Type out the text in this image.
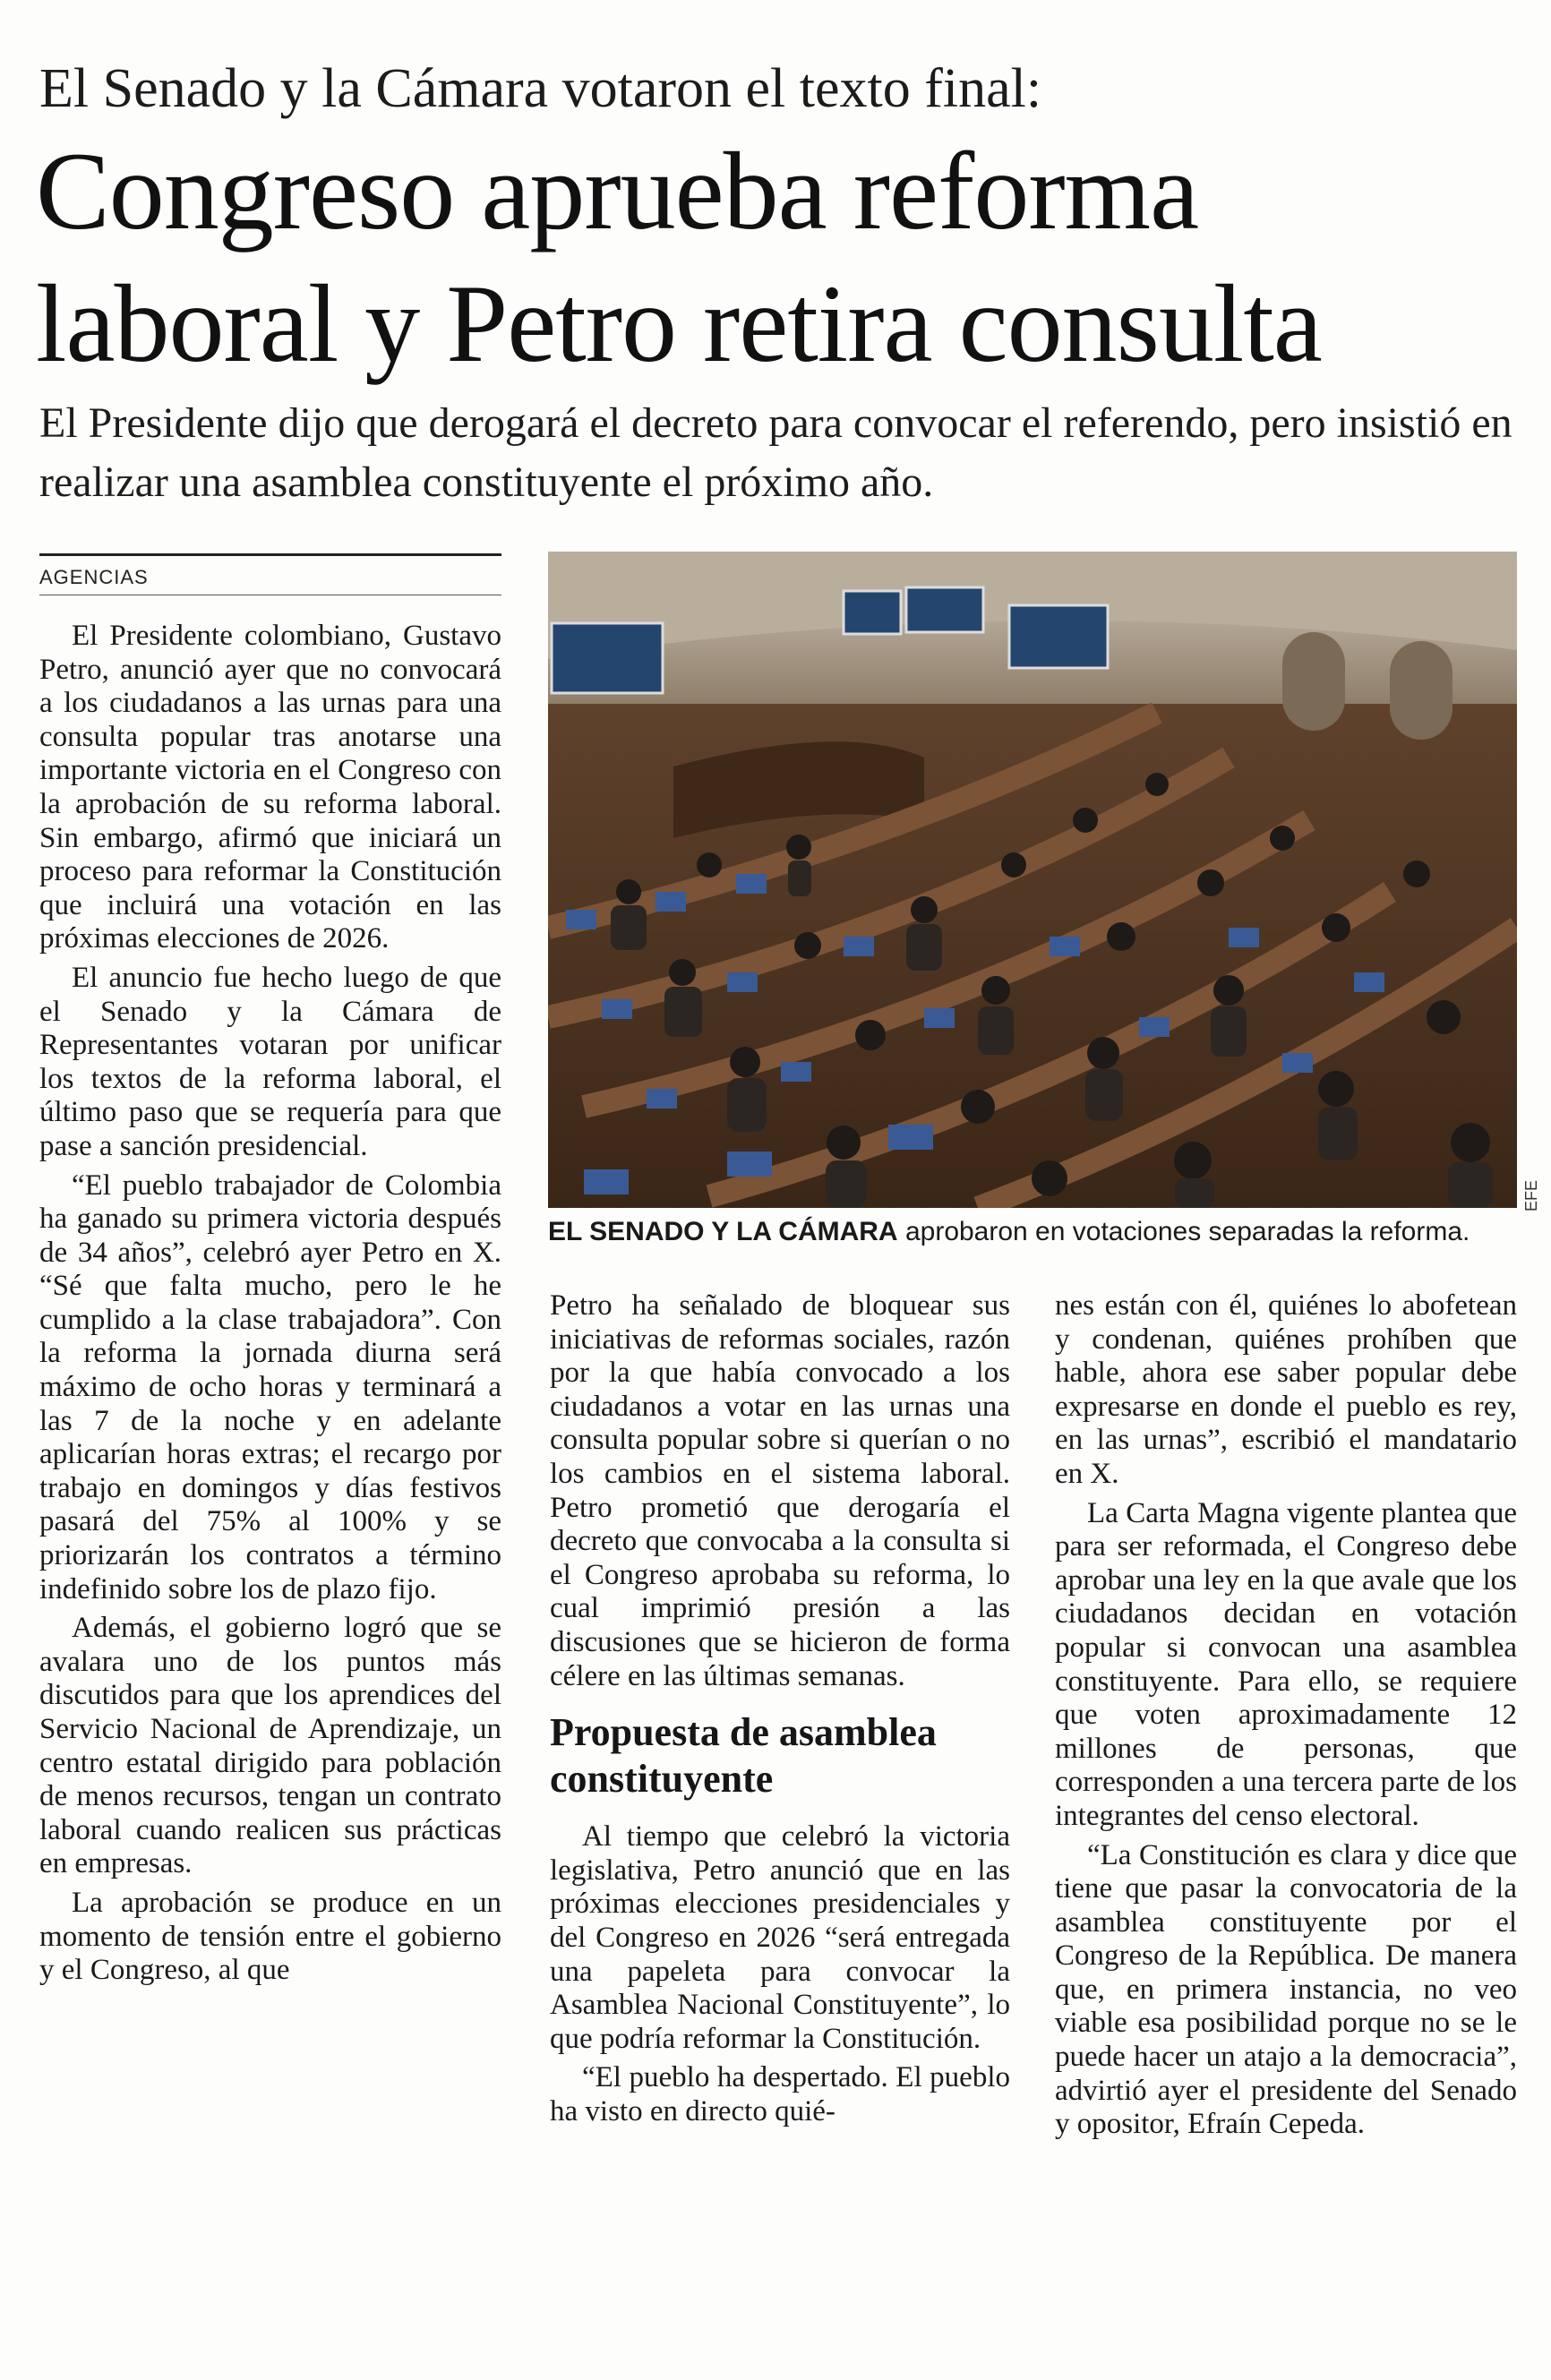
El Senado y la Cámara votaron el texto final:
Congreso aprueba reforma laboral y Petro retira consulta

El Presidente dijo que derogará el decreto para convocar el referendo, pero insistió en realizar una asamblea constituyente el próximo año.

AGENCIAS

El Presidente colombiano, Gustavo Petro, anunció ayer que no convocará a los ciudadanos a las urnas para una consulta popular tras anotarse una importante victoria en el Congreso con la aprobación de su reforma laboral. Sin embargo, afirmó que iniciará un proceso para reformar la Constitución que incluirá una votación en las próximas elecciones de 2026.

El anuncio fue hecho luego de que el Senado y la Cámara de Representantes votaran por unificar los textos de la reforma laboral, el último paso que se requería para que pase a sanción presidencial.

“El pueblo trabajador de Colombia ha ganado su primera victoria después de 34 años”, celebró ayer Petro en X. “Sé que falta mucho, pero le he cumplido a la clase trabajadora”. Con la reforma la jornada diurna será máximo de ocho horas y terminará a las 7 de la noche y en adelante aplicarían horas extras; el recargo por trabajo en domingos y días festivos pasará del 75% al 100% y se priorizarán los contratos a término indefinido sobre los de plazo fijo.

Además, el gobierno logró que se avalara uno de los puntos más discutidos para que los aprendices del Servicio Nacional de Aprendizaje, un centro estatal dirigido para población de menos recursos, tengan un contrato laboral cuando realicen sus prácticas en empresas.

La aprobación se produce en un momento de tensión entre el gobierno y el Congreso, al que

EFE
EL SENADO Y LA CÁMARA aprobaron en votaciones separadas la reforma.

Petro ha señalado de bloquear sus iniciativas de reformas sociales, razón por la que había convocado a los ciudadanos a votar en las urnas una consulta popular sobre si querían o no los cambios en el sistema laboral. Petro prometió que derogaría el decreto que convocaba a la consulta si el Congreso aprobaba su reforma, lo cual imprimió presión a las discusiones que se hicieron de forma célere en las últimas semanas.

Propuesta de asamblea constituyente

Al tiempo que celebró la victoria legislativa, Petro anunció que en las próximas elecciones presidenciales y del Congreso en 2026 “será entregada una papeleta para convocar la Asamblea Nacional Constituyente”, lo que podría reformar la Constitución.

“El pueblo ha despertado. El pueblo ha visto en directo quié-

nes están con él, quiénes lo abofetean y condenan, quiénes prohíben que hable, ahora ese saber popular debe expresarse en donde el pueblo es rey, en las urnas”, escribió el mandatario en X.

La Carta Magna vigente plantea que para ser reformada, el Congreso debe aprobar una ley en la que avale que los ciudadanos decidan en votación popular si convocan una asamblea constituyente. Para ello, se requiere que voten aproximadamente 12 millones de personas, que corresponden a una tercera parte de los integrantes del censo electoral.

“La Constitución es clara y dice que tiene que pasar la convocatoria de la asamblea constituyente por el Congreso de la República. De manera que, en primera instancia, no veo viable esa posibilidad porque no se le puede hacer un atajo a la democracia”, advirtió ayer el presidente del Senado y opositor, Efraín Cepeda.
